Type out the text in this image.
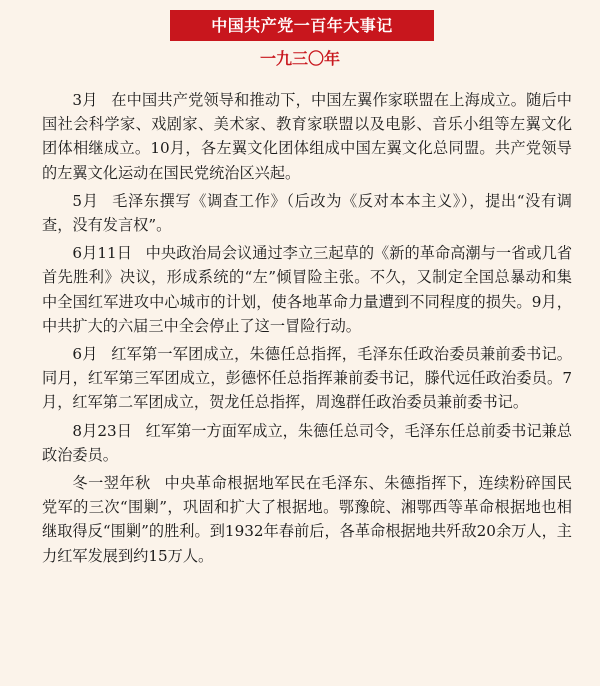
中国共产党一百年大事记
一九三〇年

3月 在中国共产党领导和推动下，中国左翼作家联盟在上海成立。随后中国社会科学家、戏剧家、美术家、教育家联盟以及电影、音乐小组等左翼文化团体相继成立。10月，各左翼文化团体组成中国左翼文化总同盟。共产党领导的左翼文化运动在国民党统治区兴起。

5月 毛泽东撰写《调查工作》（后改为《反对本本主义》），提出“没有调查，没有发言权”。

6月11日 中央政治局会议通过李立三起草的《新的革命高潮与一省或几省首先胜利》决议，形成系统的“左”倾冒险主张。不久，又制定全国总暴动和集中全国红军进攻中心城市的计划，使各地革命力量遭到不同程度的损失。9月，中共扩大的六届三中全会停止了这一冒险行动。

6月 红军第一军团成立，朱德任总指挥，毛泽东任政治委员兼前委书记。同月，红军第三军团成立，彭德怀任总指挥兼前委书记，滕代远任政治委员。7月，红军第二军团成立，贺龙任总指挥，周逸群任政治委员兼前委书记。

8月23日 红军第一方面军成立，朱德任总司令，毛泽东任总前委书记兼总政治委员。

冬一翌年秋 中央革命根据地军民在毛泽东、朱德指挥下，连续粉碎国民党军的三次“围剿”，巩固和扩大了根据地。鄂豫皖、湘鄂西等革命根据地也相继取得反“围剿”的胜利。到1932年春前后，各革命根据地共歼敌20余万人，主力红军发展到约15万人。
